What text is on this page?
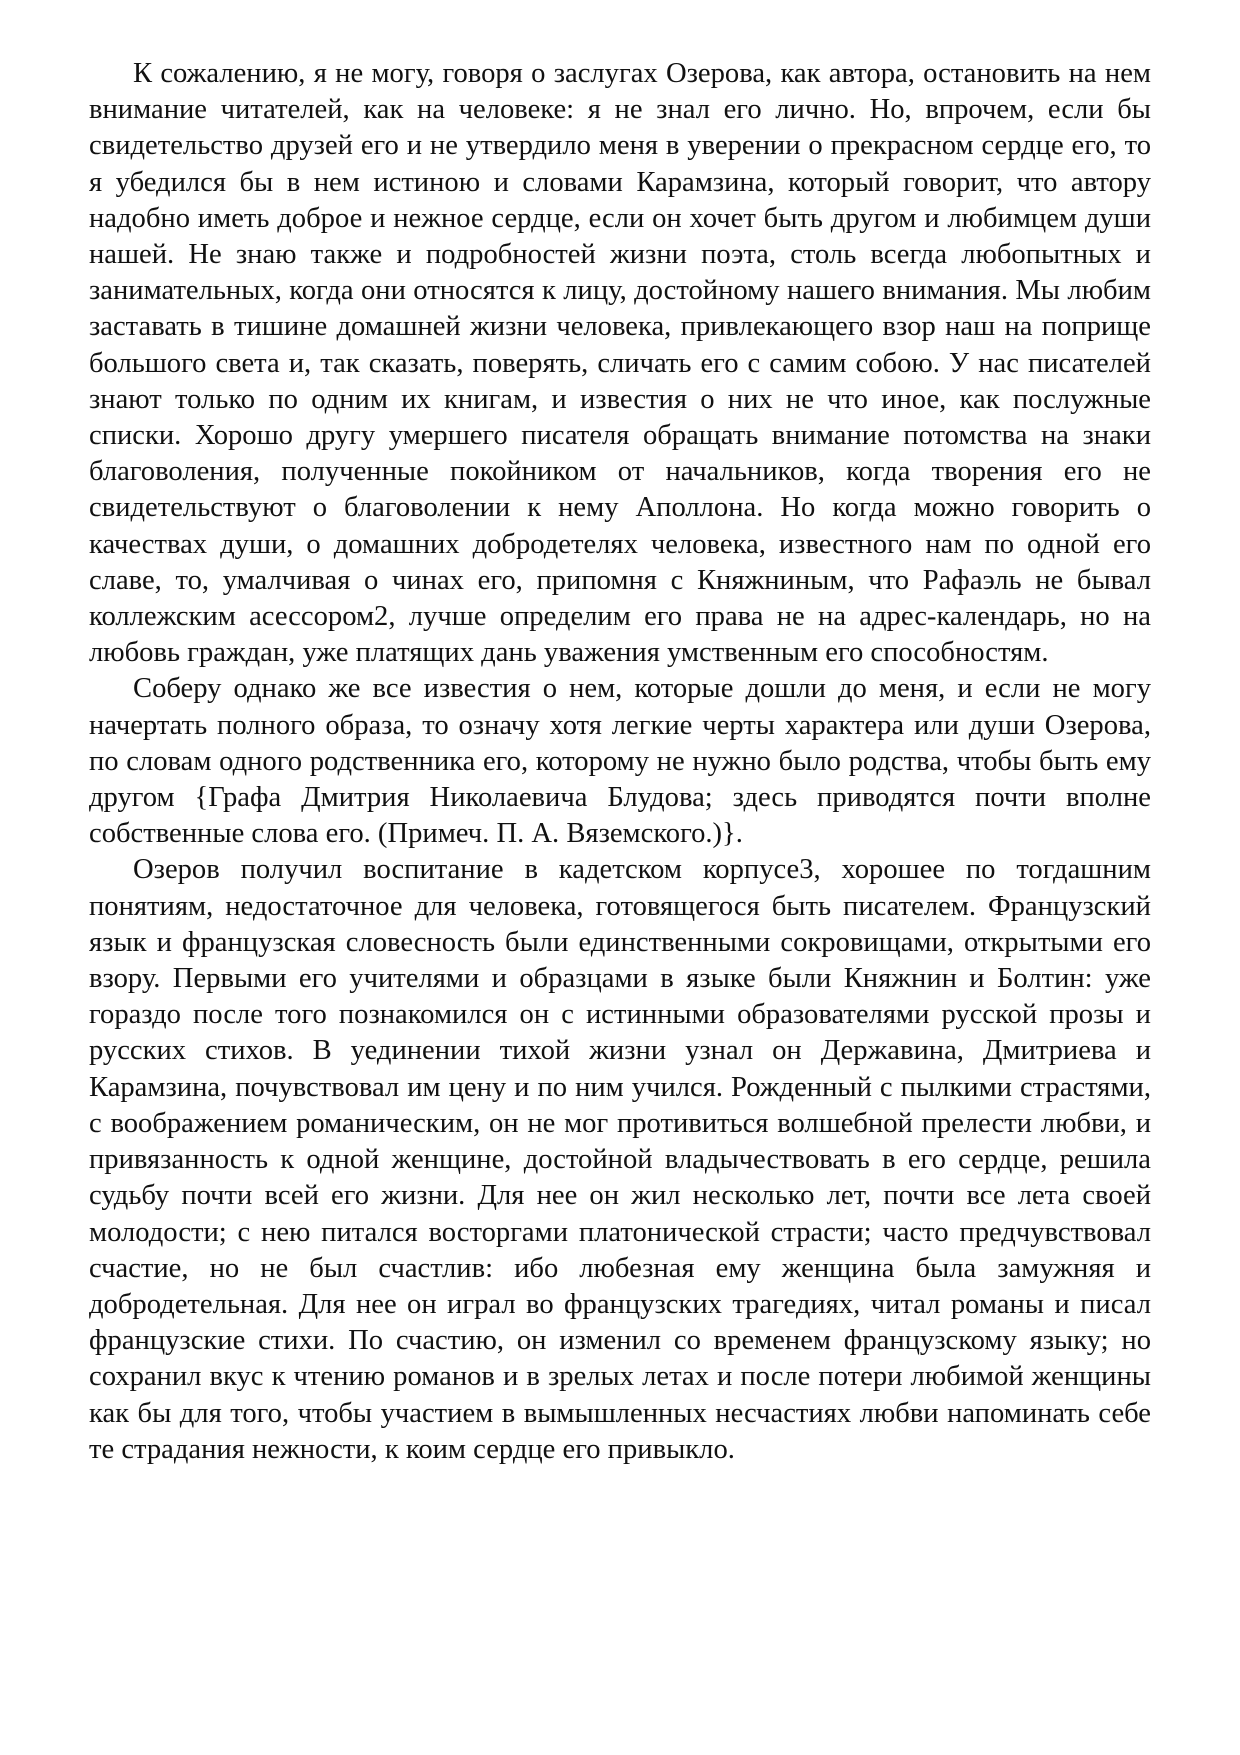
К сожалению, я не могу, говоря о заслугах Озерова, как автора, остановить на нем внимание читателей, как на человеке: я не знал его лично. Но, впрочем, если бы свидетельство друзей его и не утвердило меня в уверении о прекрасном сердце его, то я убедился бы в нем истиною и словами Карамзина, который говорит, что автору надобно иметь доброе и нежное сердце, если он хочет быть другом и любимцем души нашей. Не знаю также и подробностей жизни поэта, столь всегда любопытных и занимательных, когда они относятся к лицу, достойному нашего внимания. Мы любим заставать в тишине домашней жизни человека, привлекающего взор наш на поприще большого света и, так сказать, поверять, сличать его с самим собою. У нас писателей знают только по одним их книгам, и известия о них не что иное, как послужные списки. Хорошо другу умершего писателя обращать внимание потомства на знаки благоволения, полученные покойником от начальников, когда творения его не свидетельствуют о благоволении к нему Аполлона. Но когда можно говорить о качествах души, о домашних добродетелях человека, известного нам по одной его славе, то, умалчивая о чинах его, припомня с Княжниным, что Рафаэль не бывал коллежским асессором2, лучше определим его права не на адрес-календарь, но на любовь граждан, уже платящих дань уважения умственным его способностям.

Соберу однако же все известия о нем, которые дошли до меня, и если не могу начертать полного образа, то означу хотя легкие черты характера или души Озерова, по словам одного родственника его, которому не нужно было родства, чтобы быть ему другом {Графа Дмитрия Николаевича Блудова; здесь приводятся почти вполне собственные слова его. (Примеч. П. А. Вяземского.)}.

Озеров получил воспитание в кадетском корпусе3, хорошее по тогдашним понятиям, недостаточное для человека, готовящегося быть писателем. Французский язык и французская словесность были единственными сокровищами, открытыми его взору. Первыми его учителями и образцами в языке были Княжнин и Болтин: уже гораздо после того познакомился он с истинными образователями русской прозы и русских стихов. В уединении тихой жизни узнал он Державина, Дмитриева и Карамзина, почувствовал им цену и по ним учился. Рожденный с пылкими страстями, с воображением романическим, он не мог противиться волшебной прелести любви, и привязанность к одной женщине, достойной владычествовать в его сердце, решила судьбу почти всей его жизни. Для нее он жил несколько лет, почти все лета своей молодости; с нею питался восторгами платонической страсти; часто предчувствовал счастие, но не был счастлив: ибо любезная ему женщина была замужняя и добродетельная. Для нее он играл во французских трагедиях, читал романы и писал французские стихи. По счастию, он изменил со временем французскому языку; но сохранил вкус к чтению романов и в зрелых летах и после потери любимой женщины как бы для того, чтобы участием в вымышленных несчастиях любви напоминать себе те страдания нежности, к коим сердце его привыкло.
